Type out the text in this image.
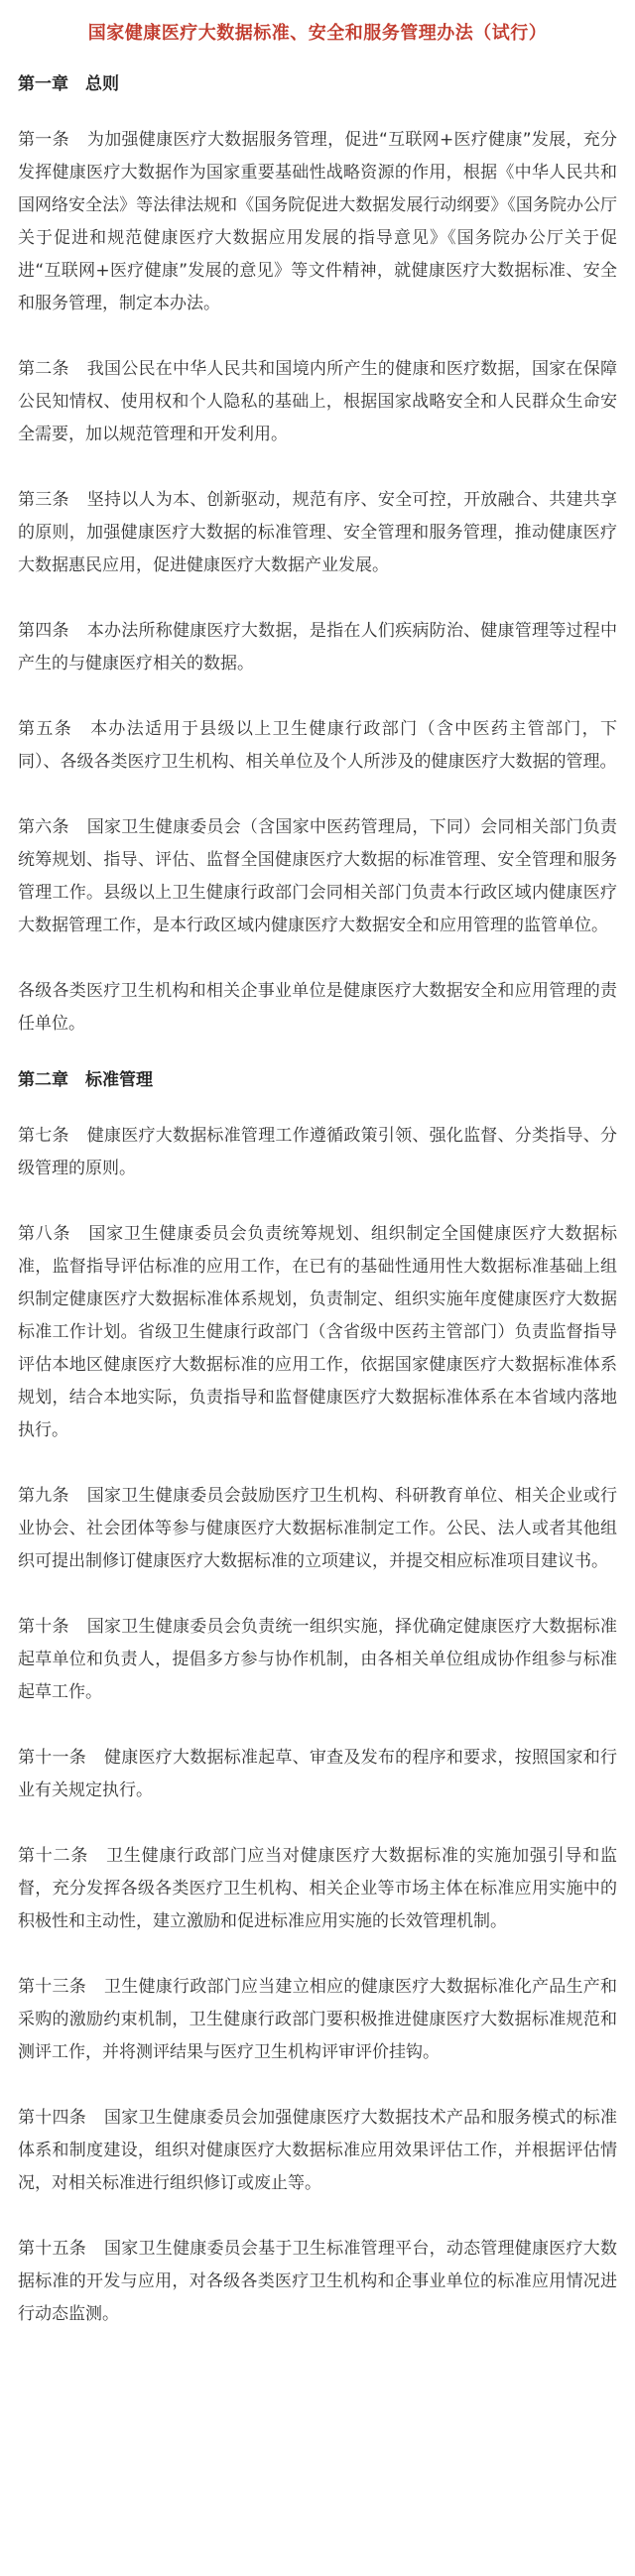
国家健康医疗大数据标准、安全和服务管理办法（试行）
第一章　总则

第一条 为加强健康医疗大数据服务管理，促进“互联网+医疗健康”发展，充分发挥健康医疗大数据作为国家重要基础性战略资源的作用，根据《中华人民共和国网络安全法》等法律法规和《国务院促进大数据发展行动纲要》《国务院办公厅关于促进和规范健康医疗大数据应用发展的指导意见》《国务院办公厅关于促进“互联网+医疗健康”发展的意见》等文件精神，就健康医疗大数据标准、安全和服务管理，制定本办法。

第二条 我国公民在中华人民共和国境内所产生的健康和医疗数据，国家在保障公民知情权、使用权和个人隐私的基础上，根据国家战略安全和人民群众生命安全需要，加以规范管理和开发利用。

第三条 坚持以人为本、创新驱动，规范有序、安全可控，开放融合、共建共享的原则，加强健康医疗大数据的标准管理、安全管理和服务管理，推动健康医疗大数据惠民应用，促进健康医疗大数据产业发展。

第四条 本办法所称健康医疗大数据，是指在人们疾病防治、健康管理等过程中产生的与健康医疗相关的数据。

第五条 本办法适用于县级以上卫生健康行政部门（含中医药主管部门，下同）、各级各类医疗卫生机构、相关单位及个人所涉及的健康医疗大数据的管理。

第六条 国家卫生健康委员会（含国家中医药管理局，下同）会同相关部门负责统筹规划、指导、评估、监督全国健康医疗大数据的标准管理、安全管理和服务管理工作。县级以上卫生健康行政部门会同相关部门负责本行政区域内健康医疗大数据管理工作，是本行政区域内健康医疗大数据安全和应用管理的监管单位。

各级各类医疗卫生机构和相关企事业单位是健康医疗大数据安全和应用管理的责任单位。

第二章　标准管理

第七条 健康医疗大数据标准管理工作遵循政策引领、强化监督、分类指导、分级管理的原则。

第八条 国家卫生健康委员会负责统筹规划、组织制定全国健康医疗大数据标准，监督指导评估标准的应用工作，在已有的基础性通用性大数据标准基础上组织制定健康医疗大数据标准体系规划，负责制定、组织实施年度健康医疗大数据标准工作计划。省级卫生健康行政部门（含省级中医药主管部门）负责监督指导评估本地区健康医疗大数据标准的应用工作，依据国家健康医疗大数据标准体系规划，结合本地实际，负责指导和监督健康医疗大数据标准体系在本省域内落地执行。

第九条 国家卫生健康委员会鼓励医疗卫生机构、科研教育单位、相关企业或行业协会、社会团体等参与健康医疗大数据标准制定工作。公民、法人或者其他组织可提出制修订健康医疗大数据标准的立项建议，并提交相应标准项目建议书。

第十条 国家卫生健康委员会负责统一组织实施，择优确定健康医疗大数据标准起草单位和负责人，提倡多方参与协作机制，由各相关单位组成协作组参与标准起草工作。

第十一条 健康医疗大数据标准起草、审查及发布的程序和要求，按照国家和行业有关规定执行。

第十二条 卫生健康行政部门应当对健康医疗大数据标准的实施加强引导和监督，充分发挥各级各类医疗卫生机构、相关企业等市场主体在标准应用实施中的积极性和主动性，建立激励和促进标准应用实施的长效管理机制。

第十三条 卫生健康行政部门应当建立相应的健康医疗大数据标准化产品生产和采购的激励约束机制，卫生健康行政部门要积极推进健康医疗大数据标准规范和测评工作，并将测评结果与医疗卫生机构评审评价挂钩。

第十四条 国家卫生健康委员会加强健康医疗大数据技术产品和服务模式的标准体系和制度建设，组织对健康医疗大数据标准应用效果评估工作，并根据评估情况，对相关标准进行组织修订或废止等。

第十五条 国家卫生健康委员会基于卫生标准管理平台，动态管理健康医疗大数据标准的开发与应用，对各级各类医疗卫生机构和企事业单位的标准应用情况进行动态监测。
